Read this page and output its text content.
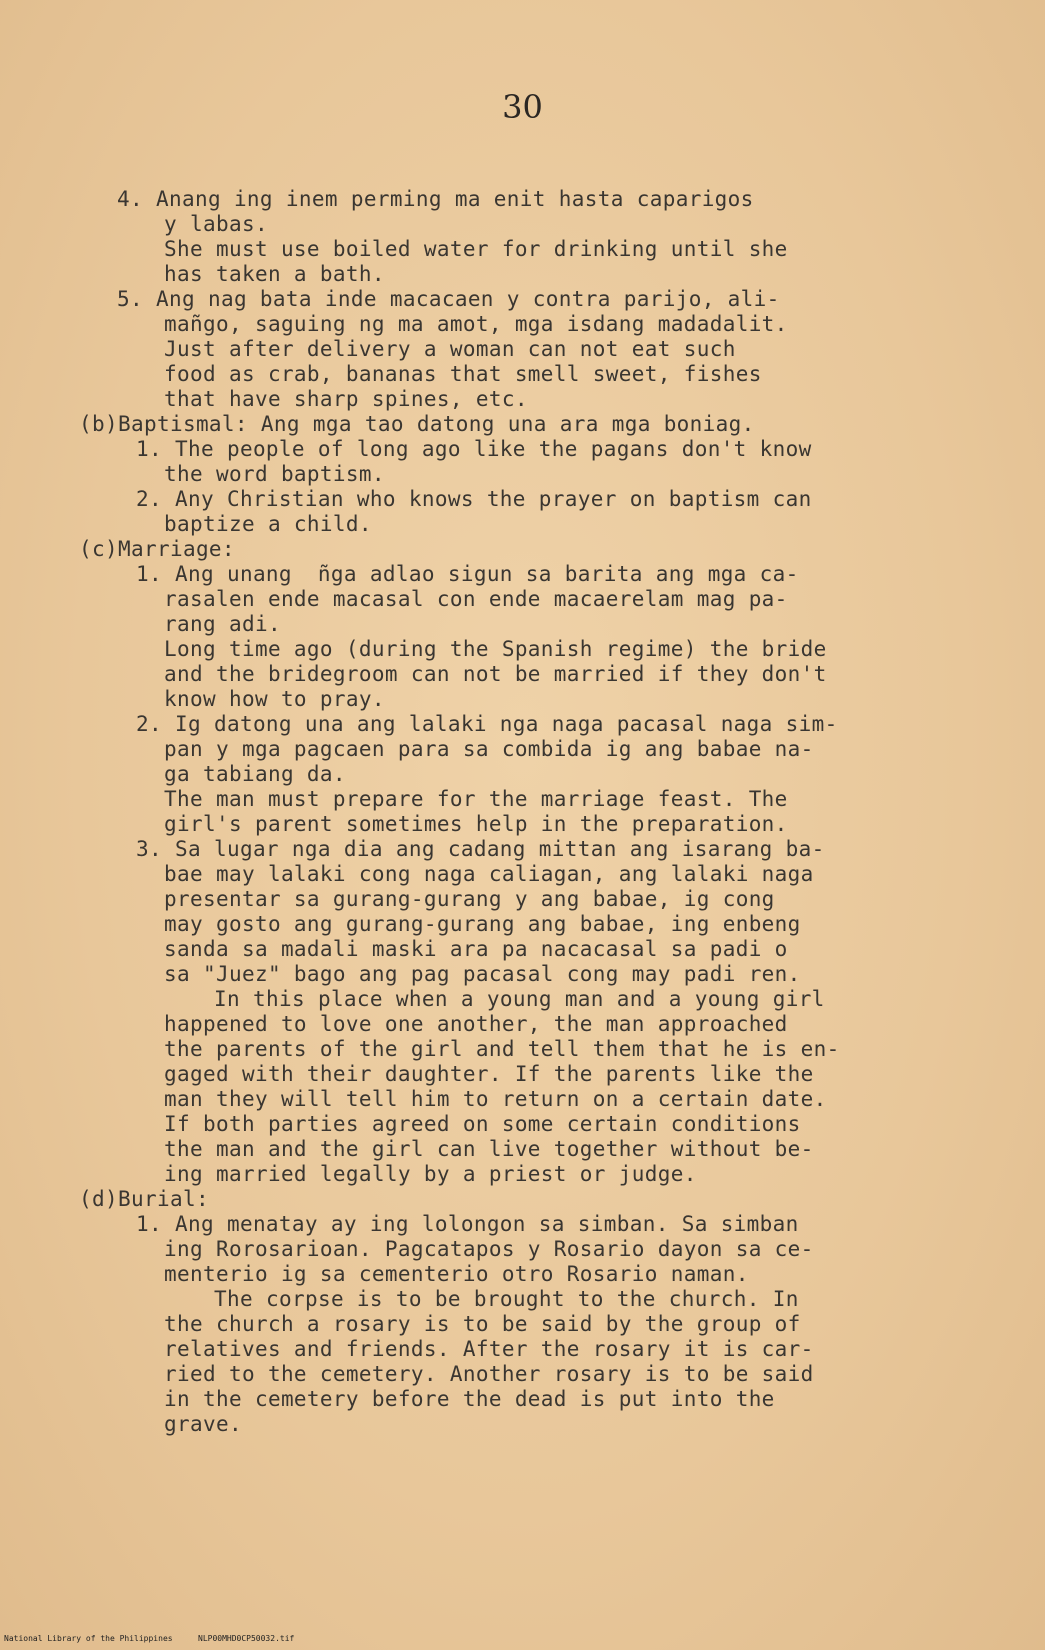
30

4. Anang ing inem perming ma enit hasta caparigos

y labas.

She must use boiled water for drinking until she

has taken a bath.

5. Ang nag bata inde macacaen y contra parijo, ali-

mañgo, saguing ng ma amot, mga isdang madadalit.

Just after delivery a woman can not eat such

food as crab, bananas that smell sweet, fishes

that have sharp spines, etc.

(b)Baptismal: Ang mga tao datong una ara mga boniag.

1. The people of long ago like the pagans don't know

the word baptism.

2. Any Christian who knows the prayer on baptism can

baptize a child.

(c)Marriage:

1. Ang unang  ñga adlao sigun sa barita ang mga ca-

rasalen ende macasal con ende macaerelam mag pa-

rang adi.

Long time ago (during the Spanish regime) the bride

and the bridegroom can not be married if they don't

know how to pray.

2. Ig datong una ang lalaki nga naga pacasal naga sim-

pan y mga pagcaen para sa combida ig ang babae na-

ga tabiang da.

The man must prepare for the marriage feast. The

girl's parent sometimes help in the preparation.

3. Sa lugar nga dia ang cadang mittan ang isarang ba-

bae may lalaki cong naga caliagan, ang lalaki naga

presentar sa gurang-gurang y ang babae, ig cong

may gosto ang gurang-gurang ang babae, ing enbeng

sanda sa madali maski ara pa nacacasal sa padi o

sa "Juez" bago ang pag pacasal cong may padi ren.

In this place when a young man and a young girl

happened to love one another, the man approached

the parents of the girl and tell them that he is en-

gaged with their daughter. If the parents like the

man they will tell him to return on a certain date.

If both parties agreed on some certain conditions

the man and the girl can live together without be-

ing married legally by a priest or judge.

(d)Burial:

1. Ang menatay ay ing lolongon sa simban. Sa simban

ing Rorosarioan. Pagcatapos y Rosario dayon sa ce-

menterio ig sa cementerio otro Rosario naman.

The corpse is to be brought to the church. In

the church a rosary is to be said by the group of

relatives and friends. After the rosary it is car-

ried to the cemetery. Another rosary is to be said

in the cemetery before the dead is put into the

grave.

National Library of the Philippines	NLP00MHD0CP50032.tif
